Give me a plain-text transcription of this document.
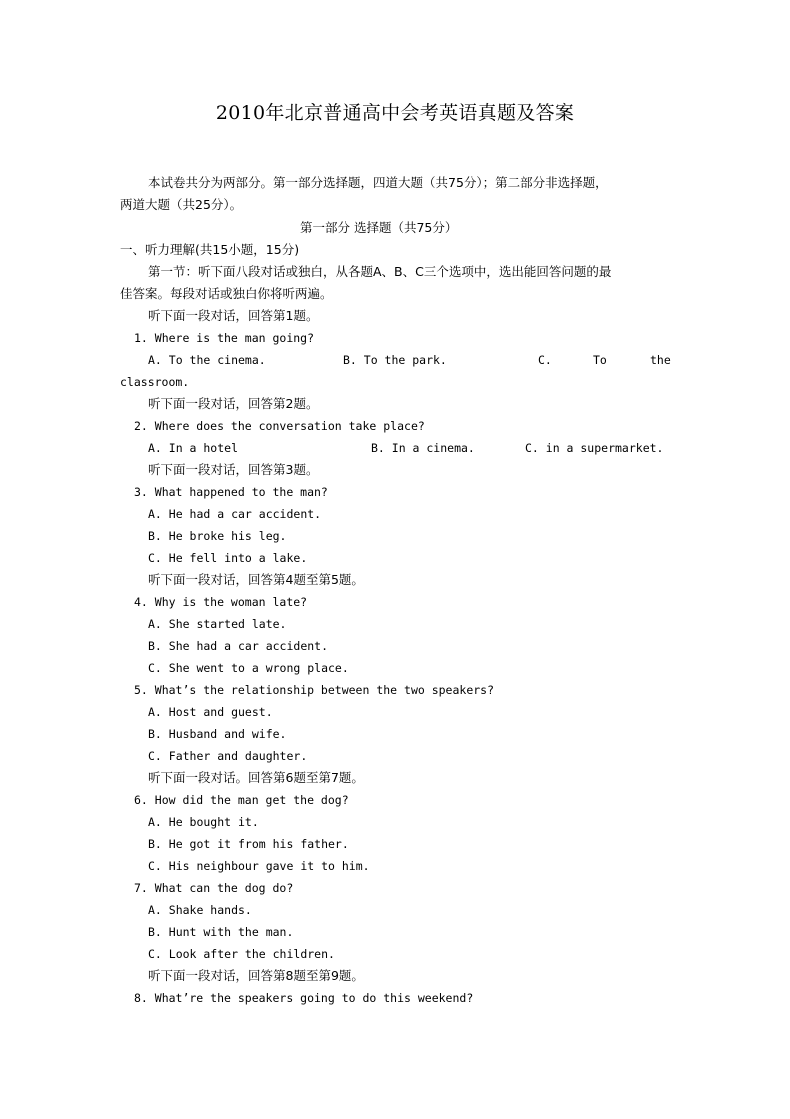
2010年北京普通高中会考英语真题及答案
本试卷共分为两部分。第一部分选择题，四道大题（共75分）；第二部分非选择题，
两道大题（共25分）。
第一部分 选择题（共75分）
一、听力理解(共15小题，15分)
第一节：听下面八段对话或独白，从各题A、B、C三个选项中，选出能回答问题的最
佳答案。每段对话或独白你将听两遍。
听下面一段对话，回答第1题。
1. Where is the man going?
A. To the cinema.	B. To the park.	C.	To	the
classroom.
听下面一段对话，回答第2题。
2. Where does the conversation take place?
A. In a hotel	B. In a cinema.	C. in a supermarket.
听下面一段对话，回答第3题。
3. What happened to the man?
A. He had a car accident.
B. He broke his leg.
C. He fell into a lake.
听下面一段对话，回答第4题至第5题。
4. Why is the woman late?
A. She started late.
B. She had a car accident.
C. She went to a wrong place.
5. What’s the relationship between the two speakers?
A. Host and guest.
B. Husband and wife.
C. Father and daughter.
听下面一段对话。回答第6题至第7题。
6. How did the man get the dog?
A. He bought it.
B. He got it from his father.
C. His neighbour gave it to him.
7. What can the dog do?
A. Shake hands.
B. Hunt with the man.
C. Look after the children.
听下面一段对话，回答第8题至第9题。
8. What’re the speakers going to do this weekend?
